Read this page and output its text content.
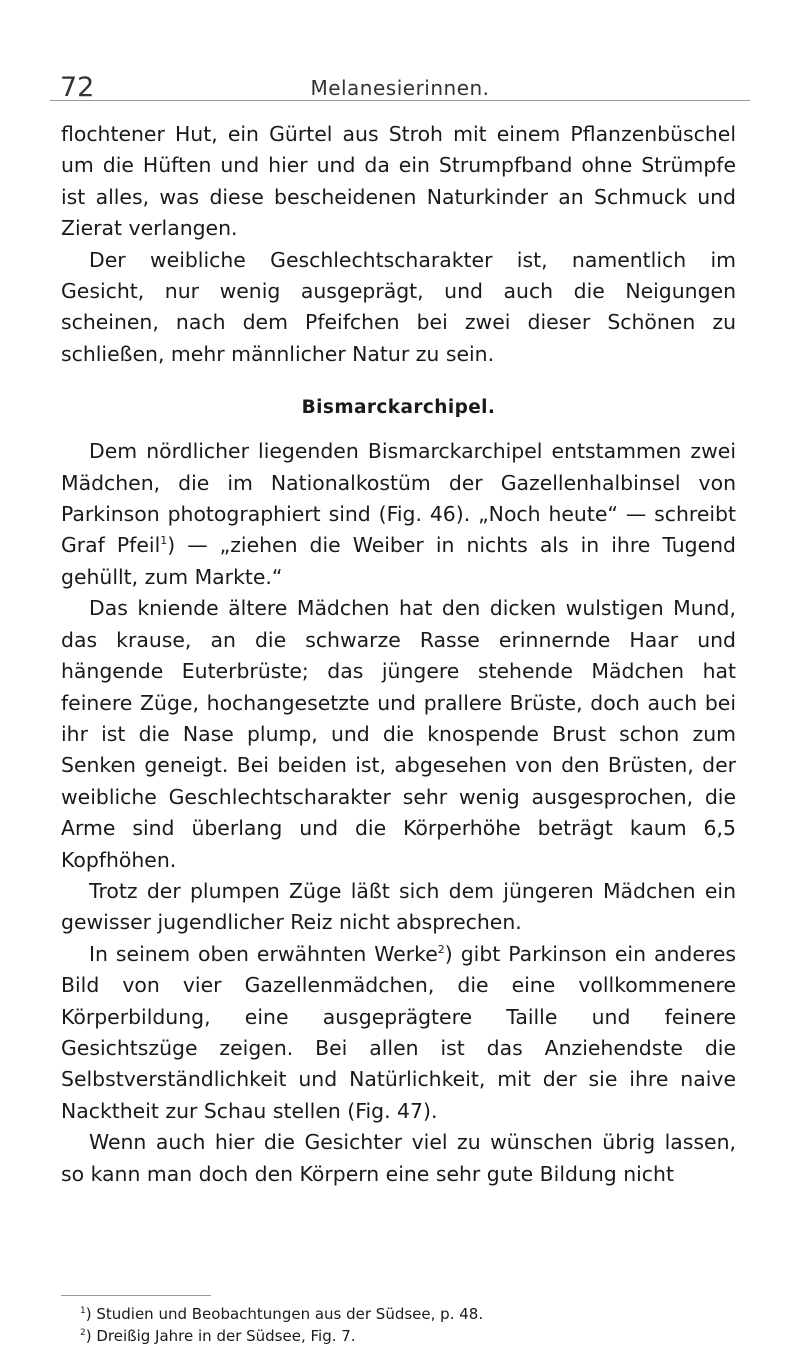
72	Melanesierinnen.

flochtener Hut, ein Gürtel aus Stroh mit einem Pflanzenbüschel um die Hüften und hier und da ein Strumpfband ohne Strümpfe ist alles, was diese bescheidenen Naturkinder an Schmuck und Zierat verlangen.

Der weibliche Geschlechtscharakter ist, namentlich im Gesicht, nur wenig ausgeprägt, und auch die Neigungen scheinen, nach dem Pfeifchen bei zwei dieser Schönen zu schließen, mehr männlicher Natur zu sein.

Bismarckarchipel.

Dem nördlicher liegenden Bismarckarchipel entstammen zwei Mädchen, die im Nationalkostüm der Gazellenhalbinsel von Parkinson photographiert sind (Fig. 46). „Noch heute“ — schreibt Graf Pfeil$^1$) — „ziehen die Weiber in nichts als in ihre Tugend gehüllt, zum Markte.“

Das kniende ältere Mädchen hat den dicken wulstigen Mund, das krause, an die schwarze Rasse erinnernde Haar und hängende Euterbrüste; das jüngere stehende Mädchen hat feinere Züge, hochangesetzte und prallere Brüste, doch auch bei ihr ist die Nase plump, und die knospende Brust schon zum Senken geneigt. Bei beiden ist, abgesehen von den Brüsten, der weibliche Geschlechtscharakter sehr wenig ausgesprochen, die Arme sind überlang und die Körperhöhe beträgt kaum 6,5 Kopfhöhen.

Trotz der plumpen Züge läßt sich dem jüngeren Mädchen ein gewisser jugendlicher Reiz nicht absprechen.

In seinem oben erwähnten Werke$^2$) gibt Parkinson ein anderes Bild von vier Gazellenmädchen, die eine vollkommenere Körperbildung, eine ausgeprägtere Taille und feinere Gesichtszüge zeigen. Bei allen ist das Anziehendste die Selbstverständlichkeit und Natürlichkeit, mit der sie ihre naive Nacktheit zur Schau stellen (Fig. 47).

Wenn auch hier die Gesichter viel zu wünschen übrig lassen, so kann man doch den Körpern eine sehr gute Bildung nicht

$^1$) Studien und Beobachtungen aus der Südsee, p. 48.

$^2$) Dreißig Jahre in der Südsee, Fig. 7.
